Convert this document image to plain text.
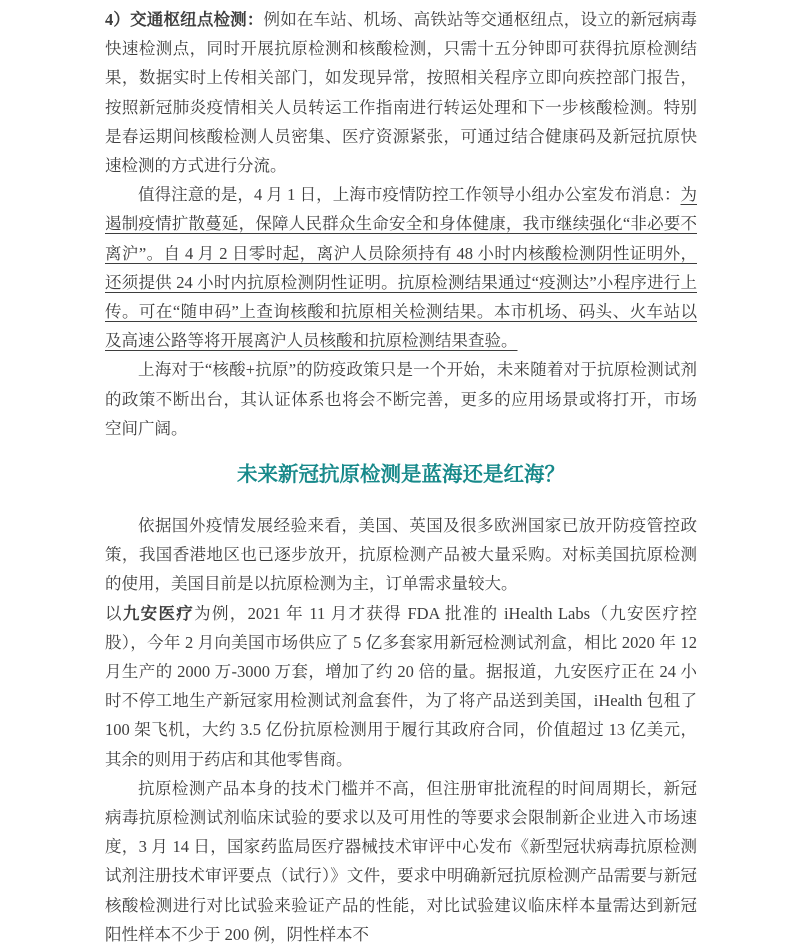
4）交通枢纽点检测：例如在车站、机场、高铁站等交通枢纽点，设立的新冠病毒快速检测点，同时开展抗原检测和核酸检测，只需十五分钟即可获得抗原检测结果，数据实时上传相关部门，如发现异常，按照相关程序立即向疾控部门报告，按照新冠肺炎疫情相关人员转运工作指南进行转运处理和下一步核酸检测。特别是春运期间核酸检测人员密集、医疗资源紧张，可通过结合健康码及新冠抗原快速检测的方式进行分流。

值得注意的是，4 月 1 日，上海市疫情防控工作领导小组办公室发布消息：为遏制疫情扩散蔓延，保障人民群众生命安全和身体健康，我市继续强化“非必要不离沪”。自 4 月 2 日零时起，离沪人员除须持有 48 小时内核酸检测阴性证明外，还须提供 24 小时内抗原检测阴性证明。抗原检测结果通过“疫测达”小程序进行上传。可在“随申码”上查询核酸和抗原相关检测结果。本市机场、码头、火车站以及高速公路等将开展离沪人员核酸和抗原检测结果查验。

上海对于“核酸+抗原”的防疫政策只是一个开始，未来随着对于抗原检测试剂的政策不断出台，其认证体系也将会不断完善，更多的应用场景或将打开，市场空间广阔。

未来新冠抗原检测是蓝海还是红海？

依据国外疫情发展经验来看，美国、英国及很多欧洲国家已放开防疫管控政策，我国香港地区也已逐步放开，抗原检测产品被大量采购。对标美国抗原检测的使用，美国目前是以抗原检测为主，订单需求量较大。

以九安医疗为例，2021 年 11 月才获得 FDA 批准的 iHealth Labs（九安医疗控股），今年 2 月向美国市场供应了 5 亿多套家用新冠检测试剂盒，相比 2020 年 12 月生产的 2000 万-3000 万套，增加了约 20 倍的量。据报道，九安医疗正在 24 小时不停工地生产新冠家用检测试剂盒套件，为了将产品送到美国，iHealth 包租了 100 架飞机，大约 3.5 亿份抗原检测用于履行其政府合同，价值超过 13 亿美元，其余的则用于药店和其他零售商。

抗原检测产品本身的技术门槛并不高，但注册审批流程的时间周期长，新冠病毒抗原检测试剂临床试验的要求以及可用性的等要求会限制新企业进入市场速度，3 月 14 日，国家药监局医疗器械技术审评中心发布《新型冠状病毒抗原检测试剂注册技术审评要点（试行）》文件，要求中明确新冠抗原检测产品需要与新冠核酸检测进行对比试验来验证产品的性能，对比试验建议临床样本量需达到新冠阳性样本不少于 200 例，阴性样本不
